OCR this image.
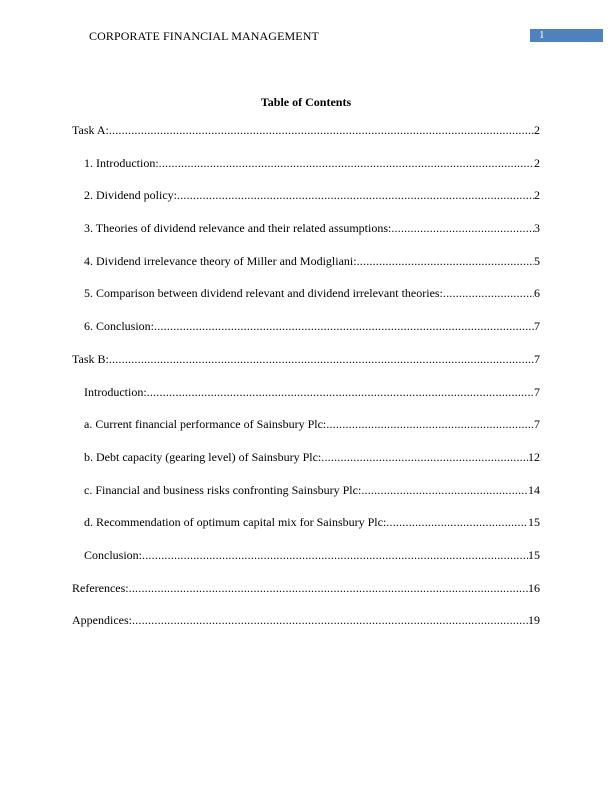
CORPORATE FINANCIAL MANAGEMENT	1
Table of Contents
Task A: .....	2
1. Introduction: .....	2
2. Dividend policy: .....	2
3. Theories of dividend relevance and their related assumptions: .....	3
4. Dividend irrelevance theory of Miller and Modigliani: .....	5
5. Comparison between dividend relevant and dividend irrelevant theories: .....	6
6. Conclusion: .....	7
Task B: .....	7
Introduction: .....	7
a. Current financial performance of Sainsbury Plc: .....	7
b. Debt capacity (gearing level) of Sainsbury Plc: .....	12
c. Financial and business risks confronting Sainsbury Plc: .....	14
d. Recommendation of optimum capital mix for Sainsbury Plc: .....	15
Conclusion: .....	15
References: .....	16
Appendices: .....	19
